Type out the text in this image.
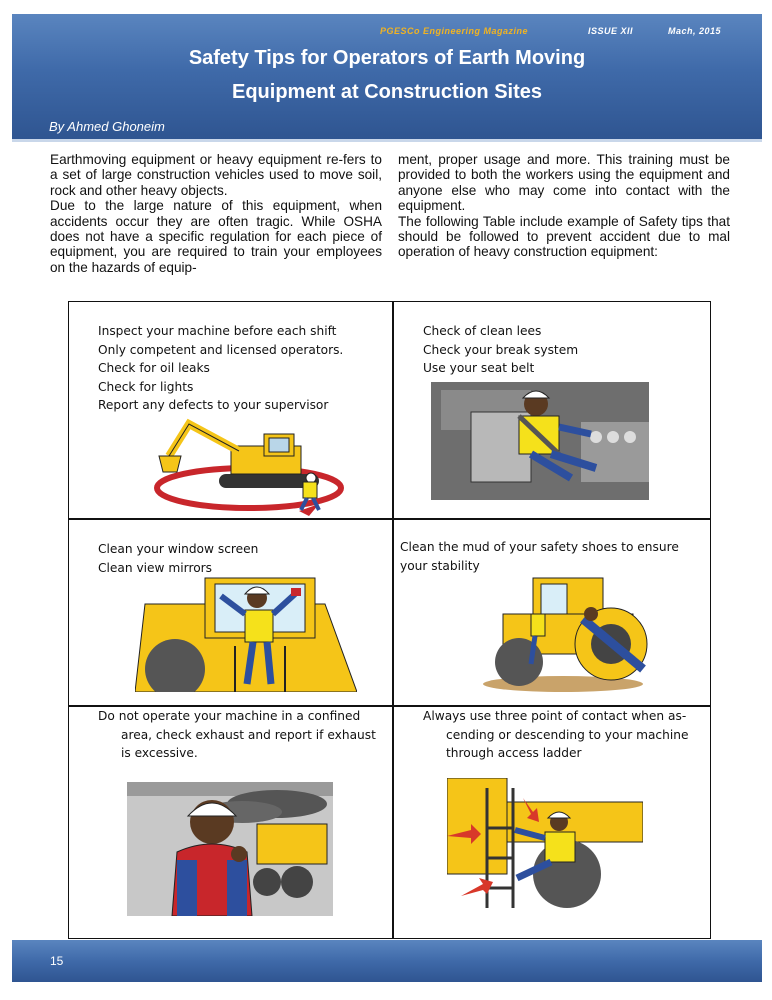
PGESCo Engineering Magazine	ISSUE XII	Mach, 2015
Safety Tips for Operators of Earth Moving
Equipment at Construction Sites
By Ahmed Ghoneim

Earthmoving equipment or heavy equipment re-fers to a set of large construction vehicles used to move soil, rock and other heavy objects.

Due to the large nature of this equipment, when accidents occur they are often tragic. While OSHA does not have a specific regulation for each piece of equipment, you are required to train your employees on the hazards of equip-

ment, proper usage and more. This training must be provided to both the workers using the equipment and anyone else who may come into contact with the equipment.

The following Table include example of Safety tips that should be followed to prevent accident due to mal operation of heavy construction equipment:

Inspect your machine before each shift
Only competent and licensed operators.
Check for oil leaks
Check for lights
Report any defects to your supervisor
Check of clean lees
Check your break system
Use your seat belt
Clean your window screen
Clean view mirrors
Clean the mud of your safety shoes to ensure
your stability
Do not operate your machine in a confined area, check exhaust and report if exhaust is excessive.
Always use three point of contact when as-cending or descending to your machine through access ladder
15
